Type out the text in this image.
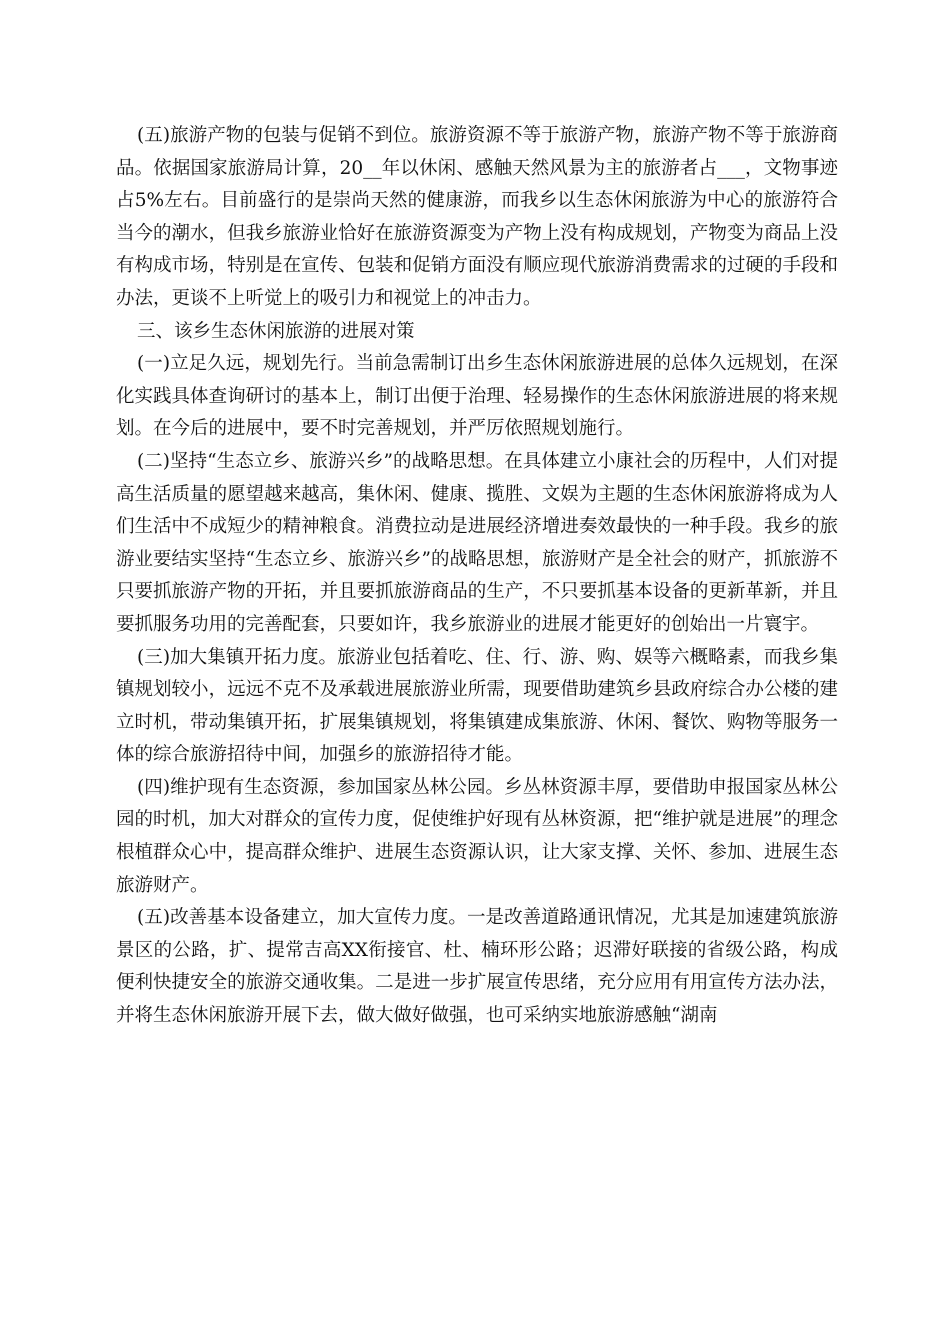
(五)旅游产物的包装与促销不到位。旅游资源不等于旅游产物，旅游产物不等于旅游商品。依据国家旅游局计算，20__年以休闲、感触天然风景为主的旅游者占___，文物事迹占5%左右。目前盛行的是崇尚天然的健康游，而我乡以生态休闲旅游为中心的旅游符合当今的潮水，但我乡旅游业恰好在旅游资源变为产物上没有构成规划，产物变为商品上没有构成市场，特别是在宣传、包装和促销方面没有顺应现代旅游消费需求的过硬的手段和办法，更谈不上听觉上的吸引力和视觉上的冲击力。

三、该乡生态休闲旅游的进展对策

(一)立足久远，规划先行。当前急需制订出乡生态休闲旅游进展的总体久远规划，在深化实践具体查询研讨的基本上，制订出便于治理、轻易操作的生态休闲旅游进展的将来规划。在今后的进展中，要不时完善规划，并严厉依照规划施行。

(二)坚持“生态立乡、旅游兴乡”的战略思想。在具体建立小康社会的历程中，人们对提高生活质量的愿望越来越高，集休闲、健康、揽胜、文娱为主题的生态休闲旅游将成为人们生活中不成短少的精神粮食。消费拉动是进展经济增进奏效最快的一种手段。我乡的旅游业要结实坚持“生态立乡、旅游兴乡”的战略思想，旅游财产是全社会的财产，抓旅游不只要抓旅游产物的开拓，并且要抓旅游商品的生产，不只要抓基本设备的更新革新，并且要抓服务功用的完善配套，只要如许，我乡旅游业的进展才能更好的创始出一片寰宇。

(三)加大集镇开拓力度。旅游业包括着吃、住、行、游、购、娱等六概略素，而我乡集镇规划较小，远远不克不及承载进展旅游业所需，现要借助建筑乡县政府综合办公楼的建立时机，带动集镇开拓，扩展集镇规划，将集镇建成集旅游、休闲、餐饮、购物等服务一体的综合旅游招待中间，加强乡的旅游招待才能。

(四)维护现有生态资源，参加国家丛林公园。乡丛林资源丰厚，要借助申报国家丛林公园的时机，加大对群众的宣传力度，促使维护好现有丛林资源，把“维护就是进展”的理念根植群众心中，提高群众维护、进展生态资源认识，让大家支撑、关怀、参加、进展生态旅游财产。

(五)改善基本设备建立，加大宣传力度。一是改善道路通讯情况，尤其是加速建筑旅游景区的公路，扩、提常吉高XX衔接官、杜、楠环形公路；迟滞好联接的省级公路，构成便利快捷安全的旅游交通收集。二是进一步扩展宣传思绪，充分应用有用宣传方法办法，并将生态休闲旅游开展下去，做大做好做强，也可采纳实地旅游感触“湖南
